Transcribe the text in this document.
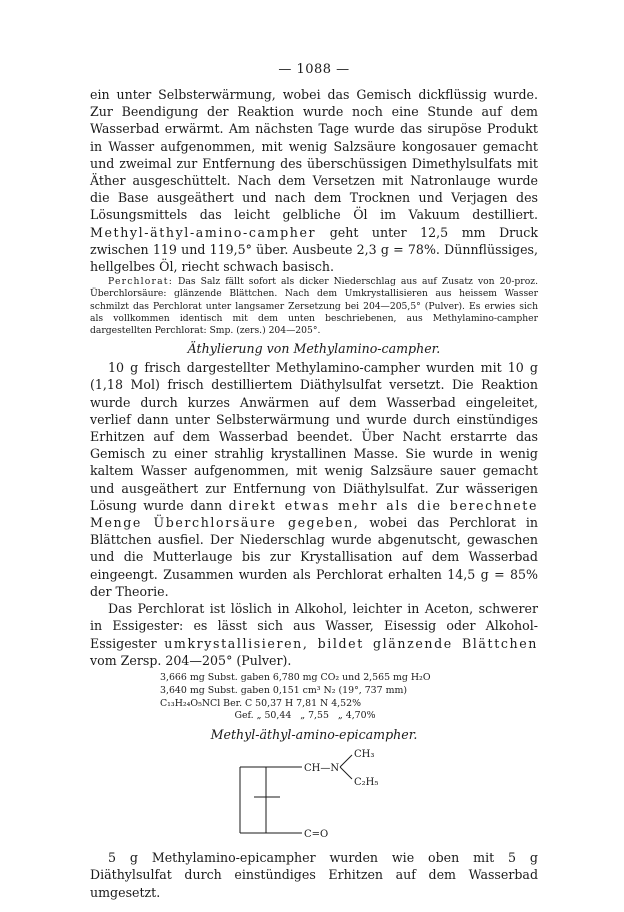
— 1088 —

ein unter Selbsterwärmung, wobei das Gemisch dickflüssig wurde. Zur Beendigung der Reaktion wurde noch eine Stunde auf dem Wasserbad erwärmt. Am nächsten Tage wurde das sirupöse Produkt in Wasser aufgenommen, mit wenig Salzsäure kongosauer gemacht und zweimal zur Entfernung des überschüssigen Dimethylsulfats mit Äther ausgeschüttelt. Nach dem Versetzen mit Natronlauge wurde die Base ausgeäthert und nach dem Trocknen und Verjagen des Lösungsmittels das leicht gelbliche Öl im Vakuum destilliert. Methyl-äthyl-amino-campher geht unter 12,5 mm Druck zwischen 119 und 119,5° über. Ausbeute 2,3 g = 78%. Dünnflüssiges, hellgelbes Öl, riecht schwach basisch.

Perchlorat: Das Salz fällt sofort als dicker Niederschlag aus auf Zusatz von 20-proz. Überchlorsäure: glänzende Blättchen. Nach dem Umkrystallisieren aus heissem Wasser schmilzt das Perchlorat unter langsamer Zersetzung bei 204—205,5° (Pulver). Es erwies sich als vollkommen identisch mit dem unten beschriebenen, aus Methylamino-campher dargestellten Perchlorat: Smp. (zers.) 204—205°.

Äthylierung von Methylamino-campher.

10 g frisch dargestellter Methylamino-campher wurden mit 10 g (1,18 Mol) frisch destilliertem Diäthylsulfat versetzt. Die Reaktion wurde durch kurzes Anwärmen auf dem Wasserbad eingeleitet, verlief dann unter Selbsterwärmung und wurde durch einstündiges Erhitzen auf dem Wasserbad beendet. Über Nacht erstarrte das Gemisch zu einer strahlig krystallinen Masse. Sie wurde in wenig kaltem Wasser aufgenommen, mit wenig Salzsäure sauer gemacht und ausgeäthert zur Entfernung von Diäthylsulfat. Zur wässerigen Lösung wurde dann direkt etwas mehr als die berechnete Menge Überchlorsäure gegeben, wobei das Perchlorat in Blättchen ausfiel. Der Niederschlag wurde abgenutscht, gewaschen und die Mutterlauge bis zur Krystallisation auf dem Wasserbad eingeengt. Zusammen wurden als Perchlorat erhalten 14,5 g = 85% der Theorie.

Das Perchlorat ist löslich in Alkohol, leichter in Aceton, schwerer in Essigester: es lässt sich aus Wasser, Eisessig oder Alkohol-Essigester umkrystallisieren, bildet glänzende Blättchen vom Zersp. 204—205° (Pulver).

3,666 mg Subst. gaben 6,780 mg CO₂ und 2,565 mg H₂O
3,640 mg Subst. gaben 0,151 cm³ N₂ (19°, 737 mm)
C₁₃H₂₄O₅NCl Ber. C 50,37 H 7,81 N 4,52%
Gef. „ 50,44   „ 7,55   „ 4,70%
Methyl-äthyl-amino-epicampher.
CH₃
CH—N
C₂H₅
C=O

5 g Methylamino-epicampher wurden wie oben mit 5 g Diäthylsulfat durch einstündiges Erhitzen auf dem Wasserbad umgesetzt.
